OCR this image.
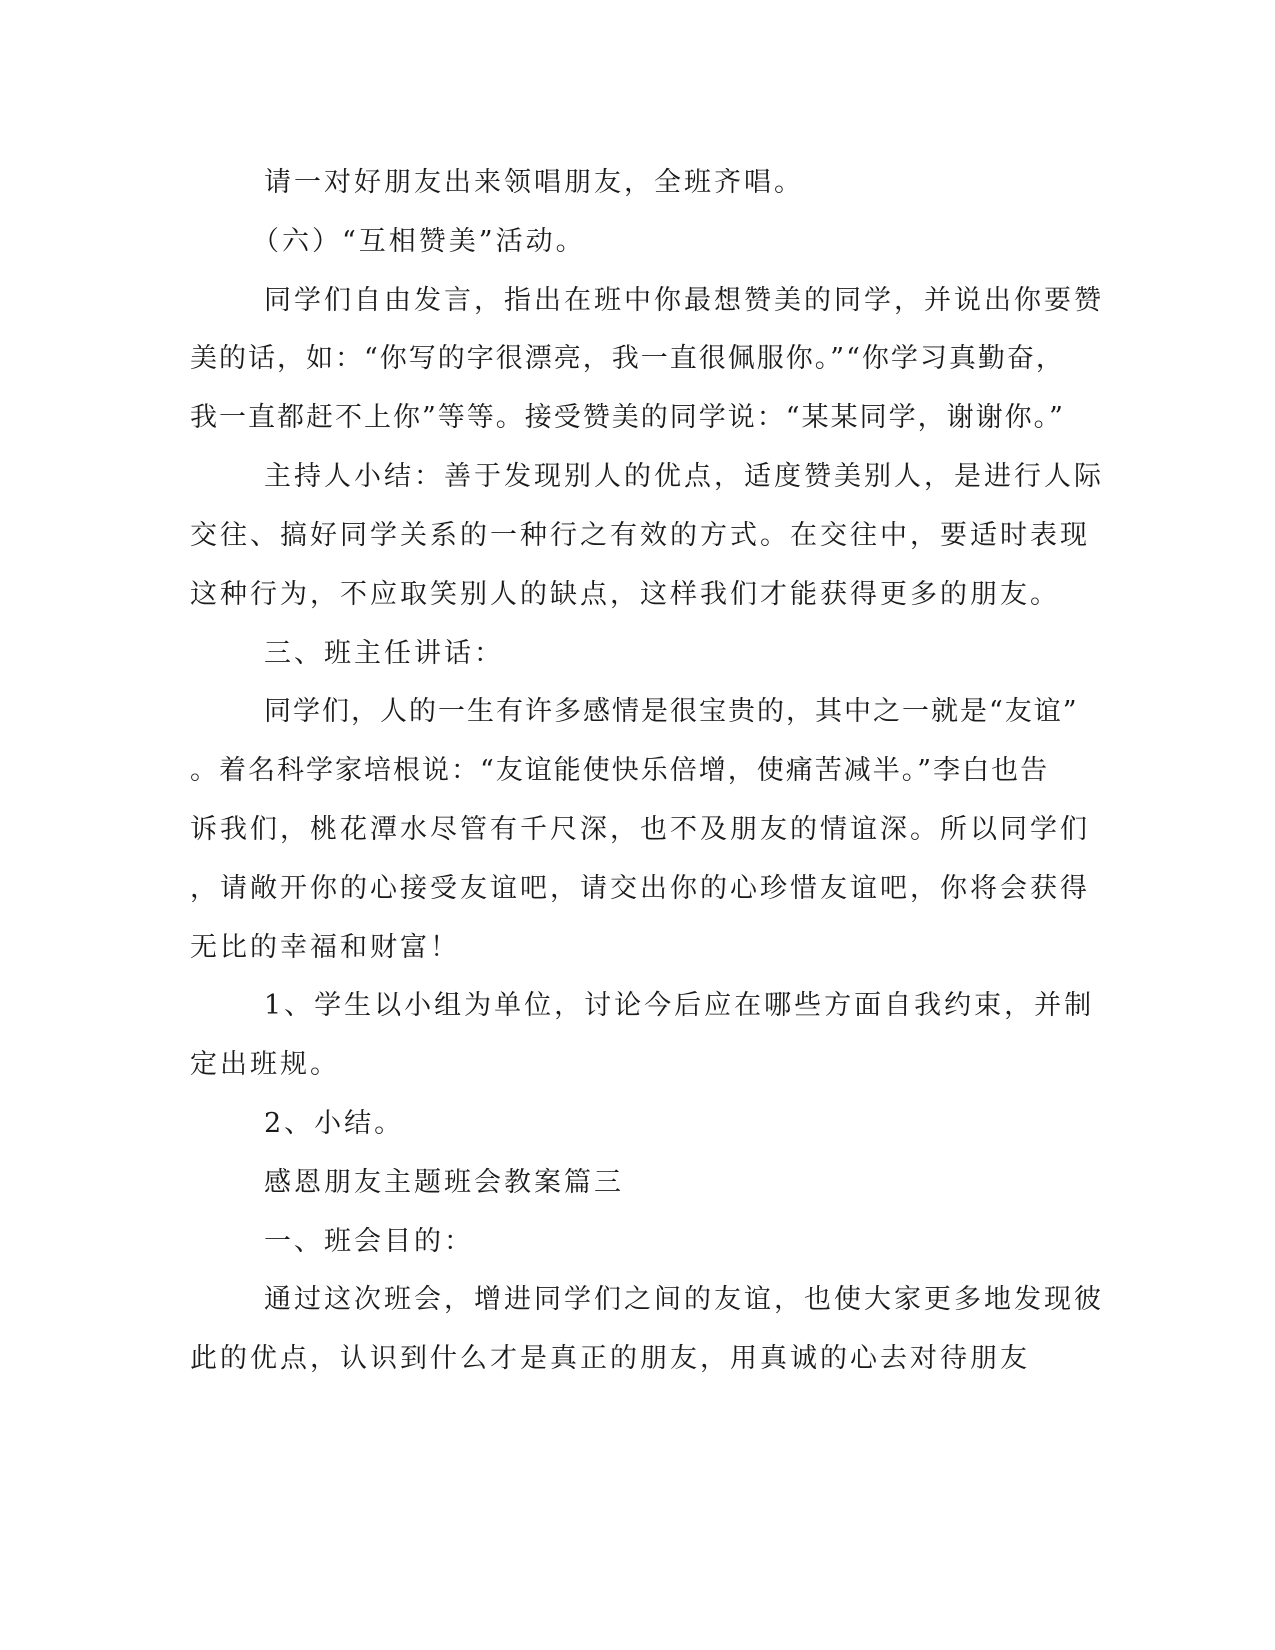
请一对好朋友出来领唱朋友，全班齐唱。
（六）“互相赞美”活动。
同学们自由发言，指出在班中你最想赞美的同学，并说出你要赞
美的话，如：“你写的字很漂亮，我一直很佩服你。”“你学习真勤奋，
我一直都赶不上你”等等。接受赞美的同学说：“某某同学，谢谢你。”
主持人小结：善于发现别人的优点，适度赞美别人，是进行人际
交往、搞好同学关系的一种行之有效的方式。在交往中，要适时表现
这种行为，不应取笑别人的缺点，这样我们才能获得更多的朋友。
三、班主任讲话：
同学们，人的一生有许多感情是很宝贵的，其中之一就是“友谊”
。着名科学家培根说：“友谊能使快乐倍增，使痛苦减半。”李白也告
诉我们，桃花潭水尽管有千尺深，也不及朋友的情谊深。所以同学们
，请敞开你的心接受友谊吧，请交出你的心珍惜友谊吧，你将会获得
无比的幸福和财富！
1、学生以小组为单位，讨论今后应在哪些方面自我约束，并制
定出班规。
2、小结。
感恩朋友主题班会教案篇三
一、班会目的：
通过这次班会，增进同学们之间的友谊，也使大家更多地发现彼
此的优点，认识到什么才是真正的朋友，用真诚的心去对待朋友
